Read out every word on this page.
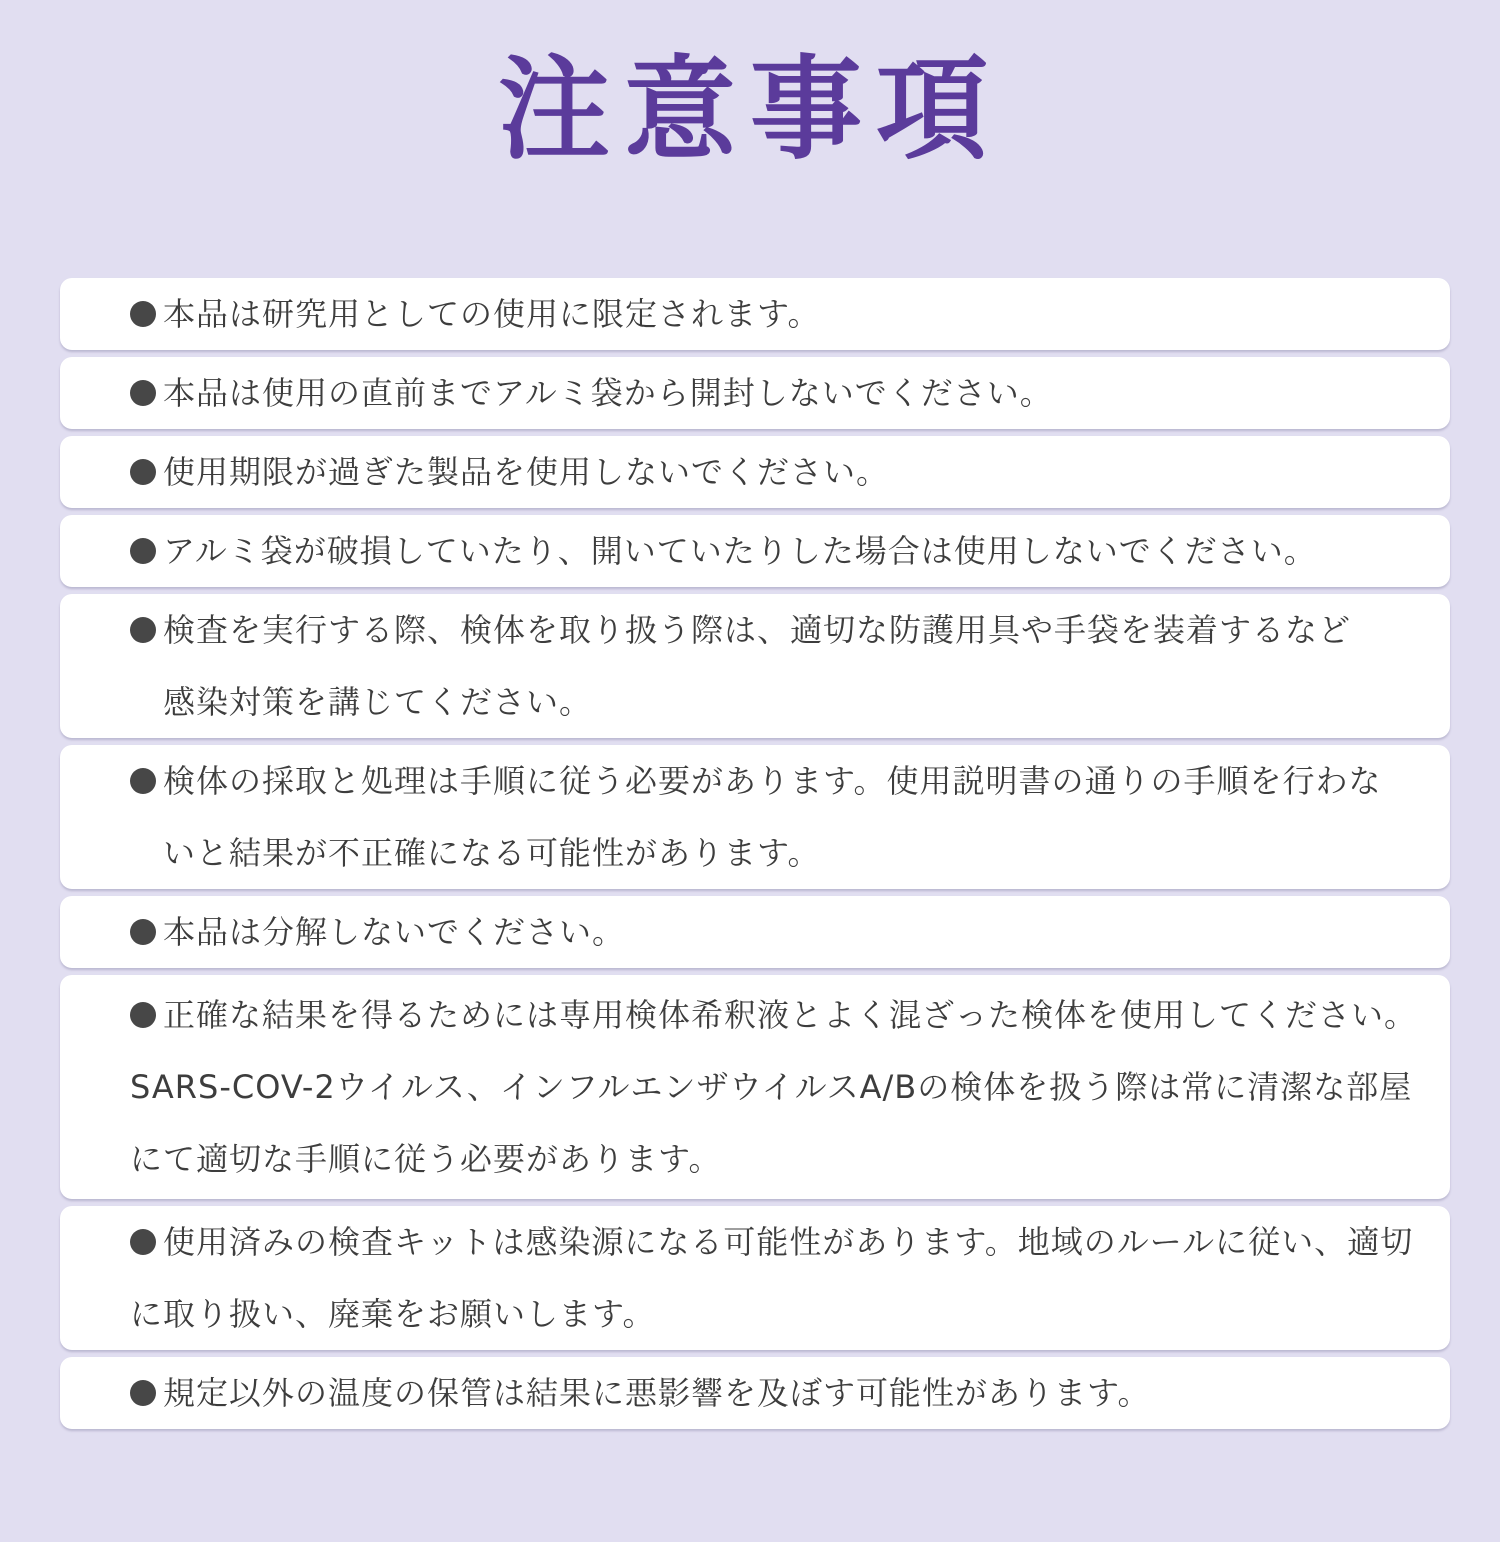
注意事項
本品は研究用としての使用に限定されます。
本品は使用の直前までアルミ袋から開封しないでください。
使用期限が過ぎた製品を使用しないでください。
アルミ袋が破損していたり、開いていたりした場合は使用しないでください。
検査を実行する際、検体を取り扱う際は、適切な防護用具や手袋を装着するなど
感染対策を講じてください。
検体の採取と処理は手順に従う必要があります。使用説明書の通りの手順を行わな
いと結果が不正確になる可能性があります。
本品は分解しないでください。
正確な結果を得るためには専用検体希釈液とよく混ざった検体を使用してください。
SARS-COV-2ウイルス、インフルエンザウイルスA/Bの検体を扱う際は常に清潔な部屋
にて適切な手順に従う必要があります。
使用済みの検査キットは感染源になる可能性があります。地域のルールに従い、適切
に取り扱い、廃棄をお願いします。
規定以外の温度の保管は結果に悪影響を及ぼす可能性があります。
